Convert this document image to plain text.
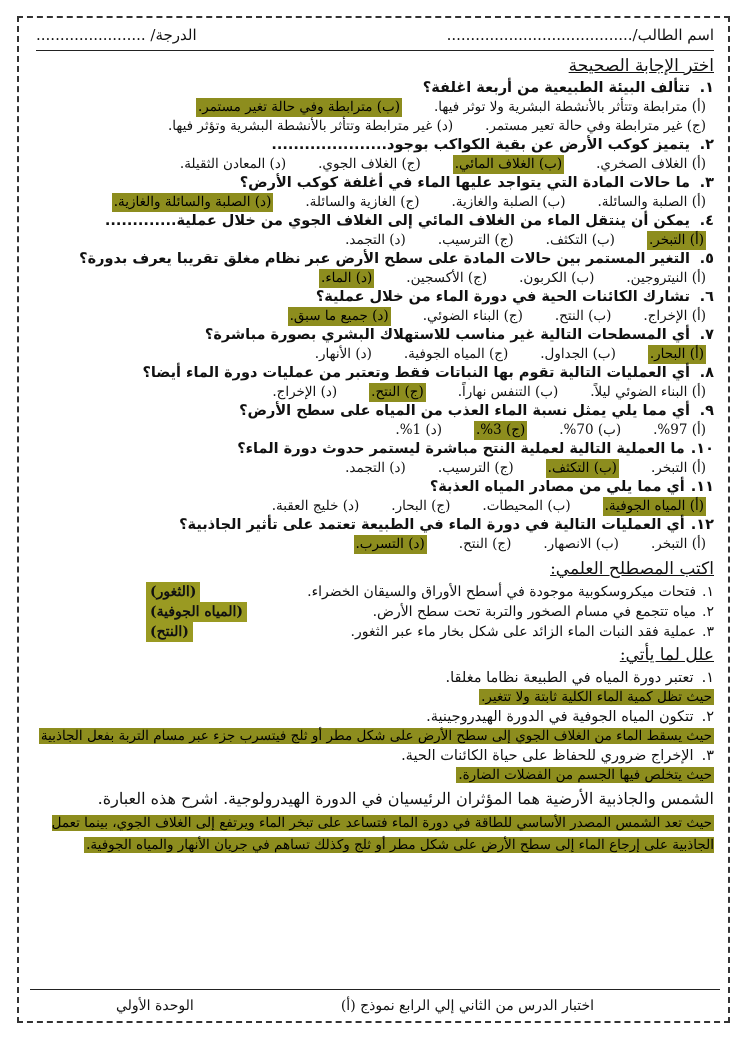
اسم الطالب/.......................................
الدرجة/ .......................
اختر الإجابة الصحيحة
١.
تتألف البيئة الطبيعية من أربعة اغلفة؟
(أ) مترابطة وتتأثر بالأنشطة البشرية ولا توثر فيها.
(ب) مترابطة وفي حالة تغير مستمر.
(ج) غير مترابطة وفي حالة تعير مستمر.
(د) غير مترابطة وتتأثر بالأنشطة البشرية وتؤثر فيها.
٢.
يتميز كوكب الأرض عن بقية الكواكب بوجود.....................
(أ) الغلاف الصخري.
(ب) الغلاف المائي.
(ج) الغلاف الجوي.
(د) المعادن الثقيلة.
٣.
ما حالات المادة التي يتواجد عليها الماء في أغلفة كوكب الأرض؟
(أ) الصلبة والسائلة.
(ب) الصلبة والغازية.
(ج) الغازية والسائلة.
(د) الصلبة والسائلة والغازية.
٤.
يمكن أن ينتقل الماء من الغلاف المائي إلى الغلاف الجوي من خلال عملية.............
(أ) التبخر.
(ب) التكثف.
(ج) الترسيب.
(د) التجمد.
٥.
التغير المستمر بين حالات المادة على سطح الأرض عبر نظام مغلق تقريبا يعرف بدورة؟
(أ) النيتروجين.
(ب) الكربون.
(ج) الأكسجين.
(د) الماء.
٦.
تشارك الكائنات الحية في دورة الماء من خلال عملية؟
(أ) الإخراج.
(ب) النتح.
(ج) البناء الضوئي.
(د) جميع ما سبق.
٧.
أي المسطحات التالية غير مناسب للاستهلاك البشري بصورة مباشرة؟
(أ) البحار.
(ب) الجداول.
(ج) المياه الجوفية.
(د) الأنهار.
٨.
أي العمليات التالية تقوم بها النباتات فقط وتعتبر من عمليات دورة الماء أيضا؟
(أ) البناء الضوئي ليلاً.
(ب) التنفس نهاراً.
(ج) النتح.
(د) الإخراج.
٩.
أي مما يلي يمثل نسبة الماء العذب من المياه على سطح الأرض؟
(أ) 97%.
(ب) 70%.
(ج) 3%.
(د) 1%.
١٠.
ما العملية التالية لعملية النتح مباشرة ليستمر حدوث دورة الماء؟
(أ) التبخر.
(ب) التكثف.
(ج) الترسيب.
(د) التجمد.
١١.
أي مما يلي من مصادر المياه العذبة؟
(أ) المياه الجوفية.
(ب) المحيطات.
(ج) البحار.
(د) خليج العقبة.
١٢.
أي العمليات التالية في دورة الماء في الطبيعة تعتمد على تأثير الجاذبية؟
(أ) التبخر.
(ب) الانصهار.
(ج) النتح.
(د) التسرب.
اكتب المصطلح العلمي:
١.فتحات ميكروسكوبية موجودة في أسطح الأوراق والسيقان الخضراء.
(الثغور)
٢.مياه تتجمع في مسام الصخور والتربة تحت سطح الأرض.
(المياه الجوفية)
٣.عملية فقد النبات الماء الزائد على شكل بخار ماء عبر الثغور.
(النتح)
علل لما يأتي:
١.تعتبر دورة المياه في الطبيعة نظاما مغلقا.
حيث تظل كمية الماء الكلية ثابتة ولا تتغير.
٢.تتكون المياه الجوفية في الدورة الهيدروجينية.
حيث يسقط الماء من الغلاف الجوي إلى سطح الأرض على شكل مطر أو ثلج فيتسرب جزء عبر مسام التربة بفعل الجاذبية
٣.الإخراج ضروري للحفاظ على حياة الكائنات الحية.
حيث يتخلص فيها الجسم من الفضلات الضارة.
الشمس والجاذبية الأرضية هما المؤثران الرئيسيان في الدورة الهيدرولوجية. اشرح هذه العبارة.
حيث تعد الشمس المصدر الأساسي للطاقة في دورة الماء فتساعد على تبخر الماء ويرتفع إلى الغلاف الجوي، بينما تعمل الجاذبية على إرجاع الماء إلى سطح الأرض على شكل مطر أو ثلج وكذلك تساهم في جريان الأنهار والمياه الجوفية.
اختبار الدرس من الثاني إلي الرابع نموذج (أ)
الوحدة الأولي
